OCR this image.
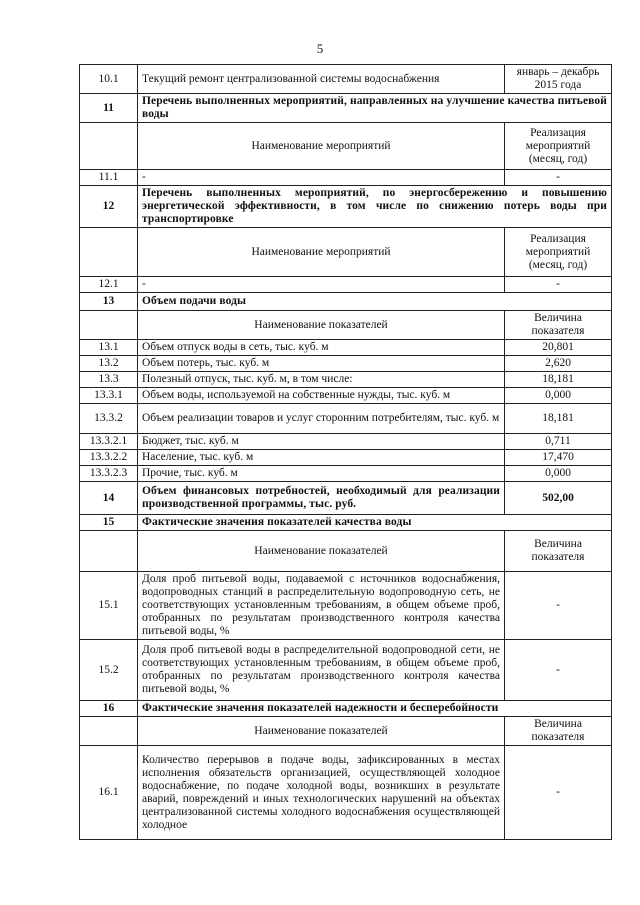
5
10.1	Текущий ремонт централизованной системы водоснабжения	январь – декабрь 2015 года
11	Перечень выполненных мероприятий, направленных на улучшение качества питьевой воды	
	Наименование мероприятий	Реализация мероприятий (месяц, год)
11.1	-	-
12	Перечень выполненных мероприятий, по энергосбережению и повышению энергетической эффективности, в том числе по снижению потерь воды при транспортировке	
	Наименование мероприятий	Реализация мероприятий (месяц, год)
12.1	-	-
13	Объем подачи воды	
	Наименование показателей	Величина показателя
13.1	Объем отпуск воды в сеть, тыс. куб. м	20,801
13.2	Объем потерь, тыс. куб. м	2,620
13.3	Полезный отпуск, тыс. куб. м, в том числе:	18,181
13.3.1	Объем воды, используемой на собственные нужды, тыс. куб. м	0,000
13.3.2	Объем реализации товаров и услуг сторонним потребителям, тыс. куб. м	18,181
13.3.2.1	Бюджет, тыс. куб. м	0,711
13.3.2.2	Население, тыс. куб. м	17,470
13.3.2.3	Прочие, тыс. куб. м	0,000
14	Объем финансовых потребностей, необходимый для реализации производственной программы, тыс. руб.	502,00
15	Фактические значения показателей качества воды	
	Наименование показателей	Величина показателя
15.1	Доля проб питьевой воды, подаваемой с источников водоснабжения, водопроводных станций в распределительную водопроводную сеть, не соответствующих установленным требованиям, в общем объеме проб, отобранных по результатам производственного контроля качества питьевой воды, %	-
15.2	Доля проб питьевой воды в распределительной водопроводной сети, не соответствующих установленным требованиям, в общем объеме проб, отобранных по результатам производственного контроля качества питьевой воды, %	-
16	Фактические значения показателей надежности и бесперебойности	
	Наименование показателей	Величина показателя
16.1	Количество перерывов в подаче воды, зафиксированных в местах исполнения обязательств организацией, осуществляющей холодное водоснабжение, по подаче холодной воды, возникших в результате аварий, повреждений и иных технологических нарушений на объектах централизованной системы холодного водоснабжения осуществляющей холодное	-
